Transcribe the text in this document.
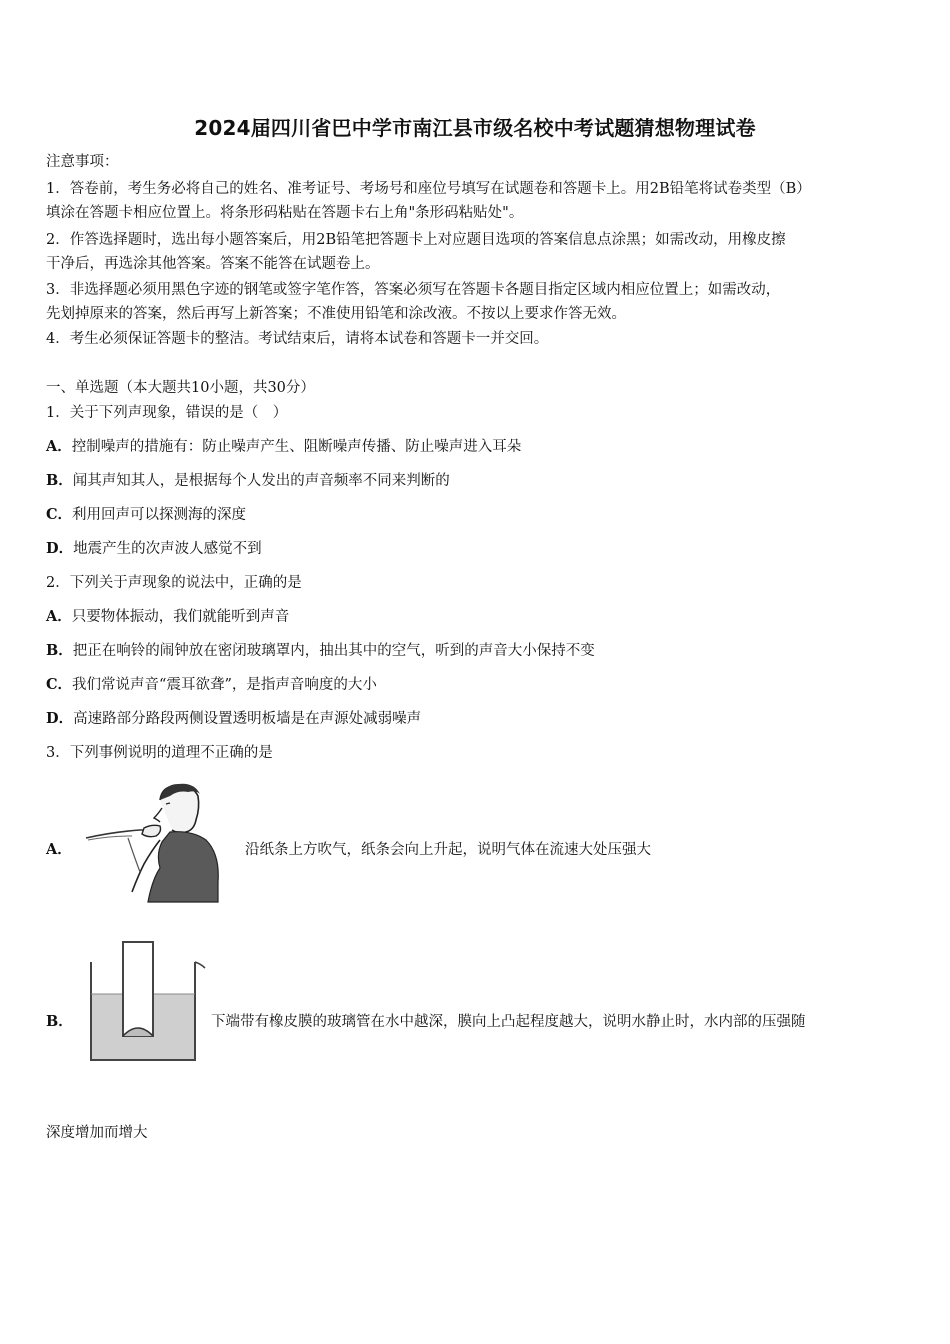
2024届四川省巴中学市南江县市级名校中考试题猜想物理试卷
注意事项：
1．答卷前，考生务必将自己的姓名、准考证号、考场号和座位号填写在试题卷和答题卡上。用2B铅笔将试卷类型（B）
填涂在答题卡相应位置上。将条形码粘贴在答题卡右上角"条形码粘贴处"。
2．作答选择题时，选出每小题答案后，用2B铅笔把答题卡上对应题目选项的答案信息点涂黑；如需改动，用橡皮擦
干净后，再选涂其他答案。答案不能答在试题卷上。
3．非选择题必须用黑色字迹的钢笔或签字笔作答，答案必须写在答题卡各题目指定区域内相应位置上；如需改动，
先划掉原来的答案，然后再写上新答案；不准使用铅笔和涂改液。不按以上要求作答无效。
4．考生必须保证答题卡的整洁。考试结束后，请将本试卷和答题卡一并交回。
一、单选题（本大题共10小题，共30分）
1．关于下列声现象，错误的是（　）
A．控制噪声的措施有：防止噪声产生、阻断噪声传播、防止噪声进入耳朵
B．闻其声知其人，是根据每个人发出的声音频率不同来判断的
C．利用回声可以探测海的深度
D．地震产生的次声波人感觉不到
2．下列关于声现象的说法中，正确的是
A．只要物体振动，我们就能听到声音
B．把正在响铃的闹钟放在密闭玻璃罩内，抽出其中的空气，听到的声音大小保持不变
C．我们常说声音“震耳欲聋”，是指声音响度的大小
D．高速路部分路段两侧设置透明板墙是在声源处减弱噪声
3．下列事例说明的道理不正确的是
A．	沿纸条上方吹气，纸条会向上升起，说明气体在流速大处压强大
B．	下端带有橡皮膜的玻璃管在水中越深，膜向上凸起程度越大，说明水静止时，水内部的压强随
深度增加而增大
